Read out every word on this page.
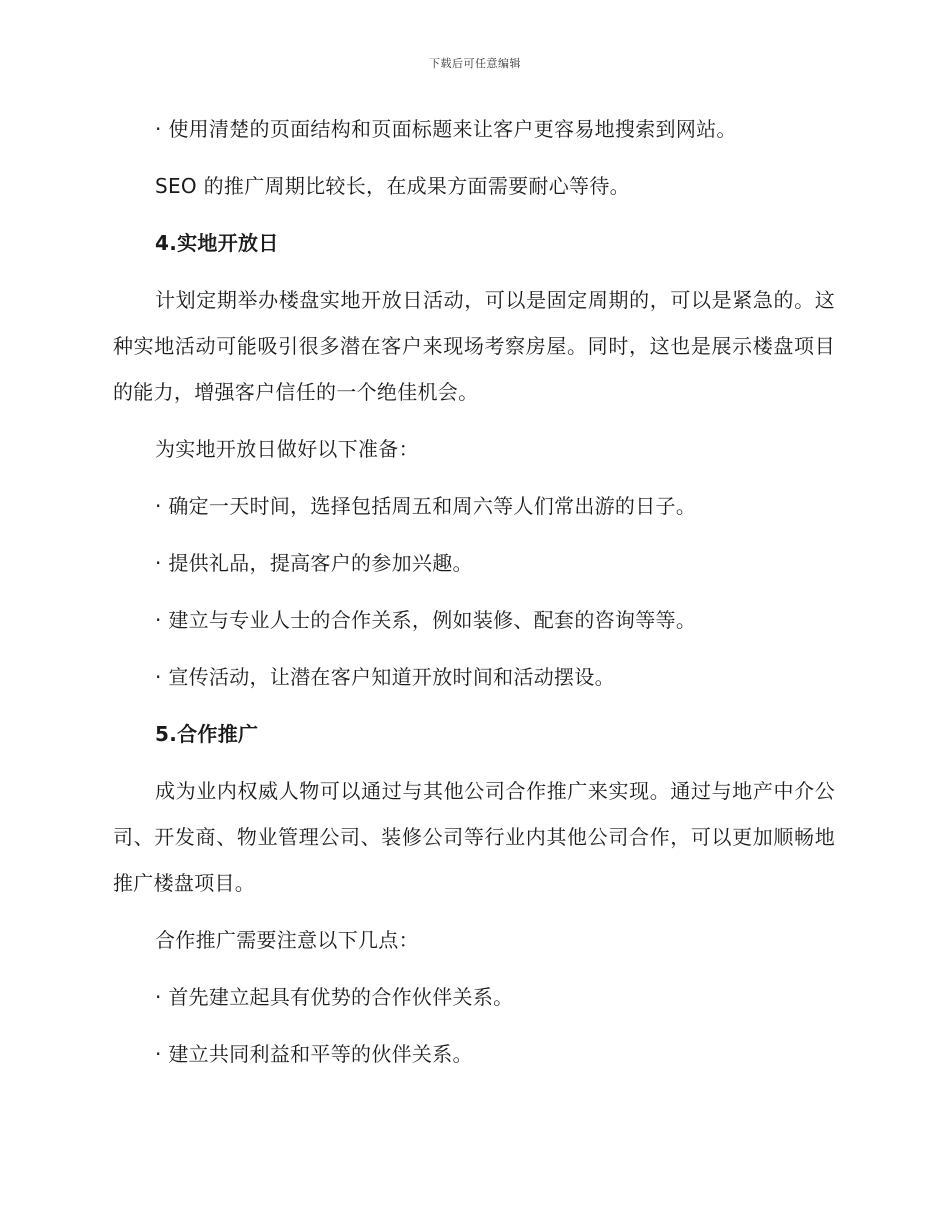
下载后可任意编辑
· 使用清楚的页面结构和页面标题来让客户更容易地搜索到网站。
SEO 的推广周期比较长，在成果方面需要耐心等待。
4.实地开放日
计划定期举办楼盘实地开放日活动，可以是固定周期的，可以是紧急的。这种实地活动可能吸引很多潜在客户来现场考察房屋。同时，这也是展示楼盘项目的能力，增强客户信任的一个绝佳机会。
为实地开放日做好以下准备：
· 确定一天时间，选择包括周五和周六等人们常出游的日子。
· 提供礼品，提高客户的参加兴趣。
· 建立与专业人士的合作关系，例如装修、配套的咨询等等。
· 宣传活动，让潜在客户知道开放时间和活动摆设。
5.合作推广
成为业内权威人物可以通过与其他公司合作推广来实现。通过与地产中介公司、开发商、物业管理公司、装修公司等行业内其他公司合作，可以更加顺畅地推广楼盘项目。
合作推广需要注意以下几点：
· 首先建立起具有优势的合作伙伴关系。
· 建立共同利益和平等的伙伴关系。
